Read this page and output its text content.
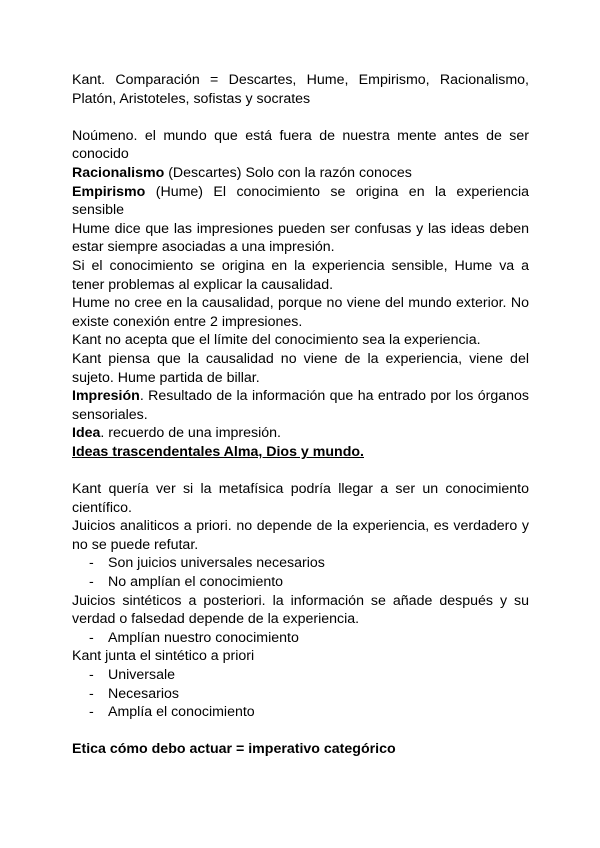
Kant. Comparación = Descartes, Hume, Empirismo, Racionalismo, Platón, Aristoteles, sofistas y socrates

Noúmeno. el mundo que está fuera de nuestra mente antes de ser conocido

Racionalismo (Descartes) Solo con la razón conoces

Empirismo (Hume) El conocimiento se origina en la experiencia sensible

Hume dice que las impresiones pueden ser confusas y las ideas deben estar siempre asociadas a una impresión.

Si el conocimiento se origina en la experiencia sensible, Hume va a tener problemas al explicar la causalidad.

Hume no cree en la causalidad, porque no viene del mundo exterior. No existe conexión entre 2 impresiones.

Kant no acepta que el límite del conocimiento sea la experiencia.

Kant piensa que la causalidad no viene de la experiencia, viene del sujeto. Hume partida de billar.

Impresión. Resultado de la información que ha entrado por los órganos sensoriales.

Idea. recuerdo de una impresión.

Ideas trascendentales Alma, Dios y mundo.

Kant quería ver si la metafísica podría llegar a ser un conocimiento científico.

Juicios analiticos a priori. no depende de la experiencia, es verdadero y no se puede refutar.

- Son juicios universales necesarios
- No amplían el conocimiento

Juicios sintéticos a posteriori. la información se añade después y su verdad o falsedad depende de la experiencia.

- Amplían nuestro conocimiento

Kant junta el sintético a priori

- Universale
- Necesarios
- Amplía el conocimiento

Etica cómo debo actuar = imperativo categórico
